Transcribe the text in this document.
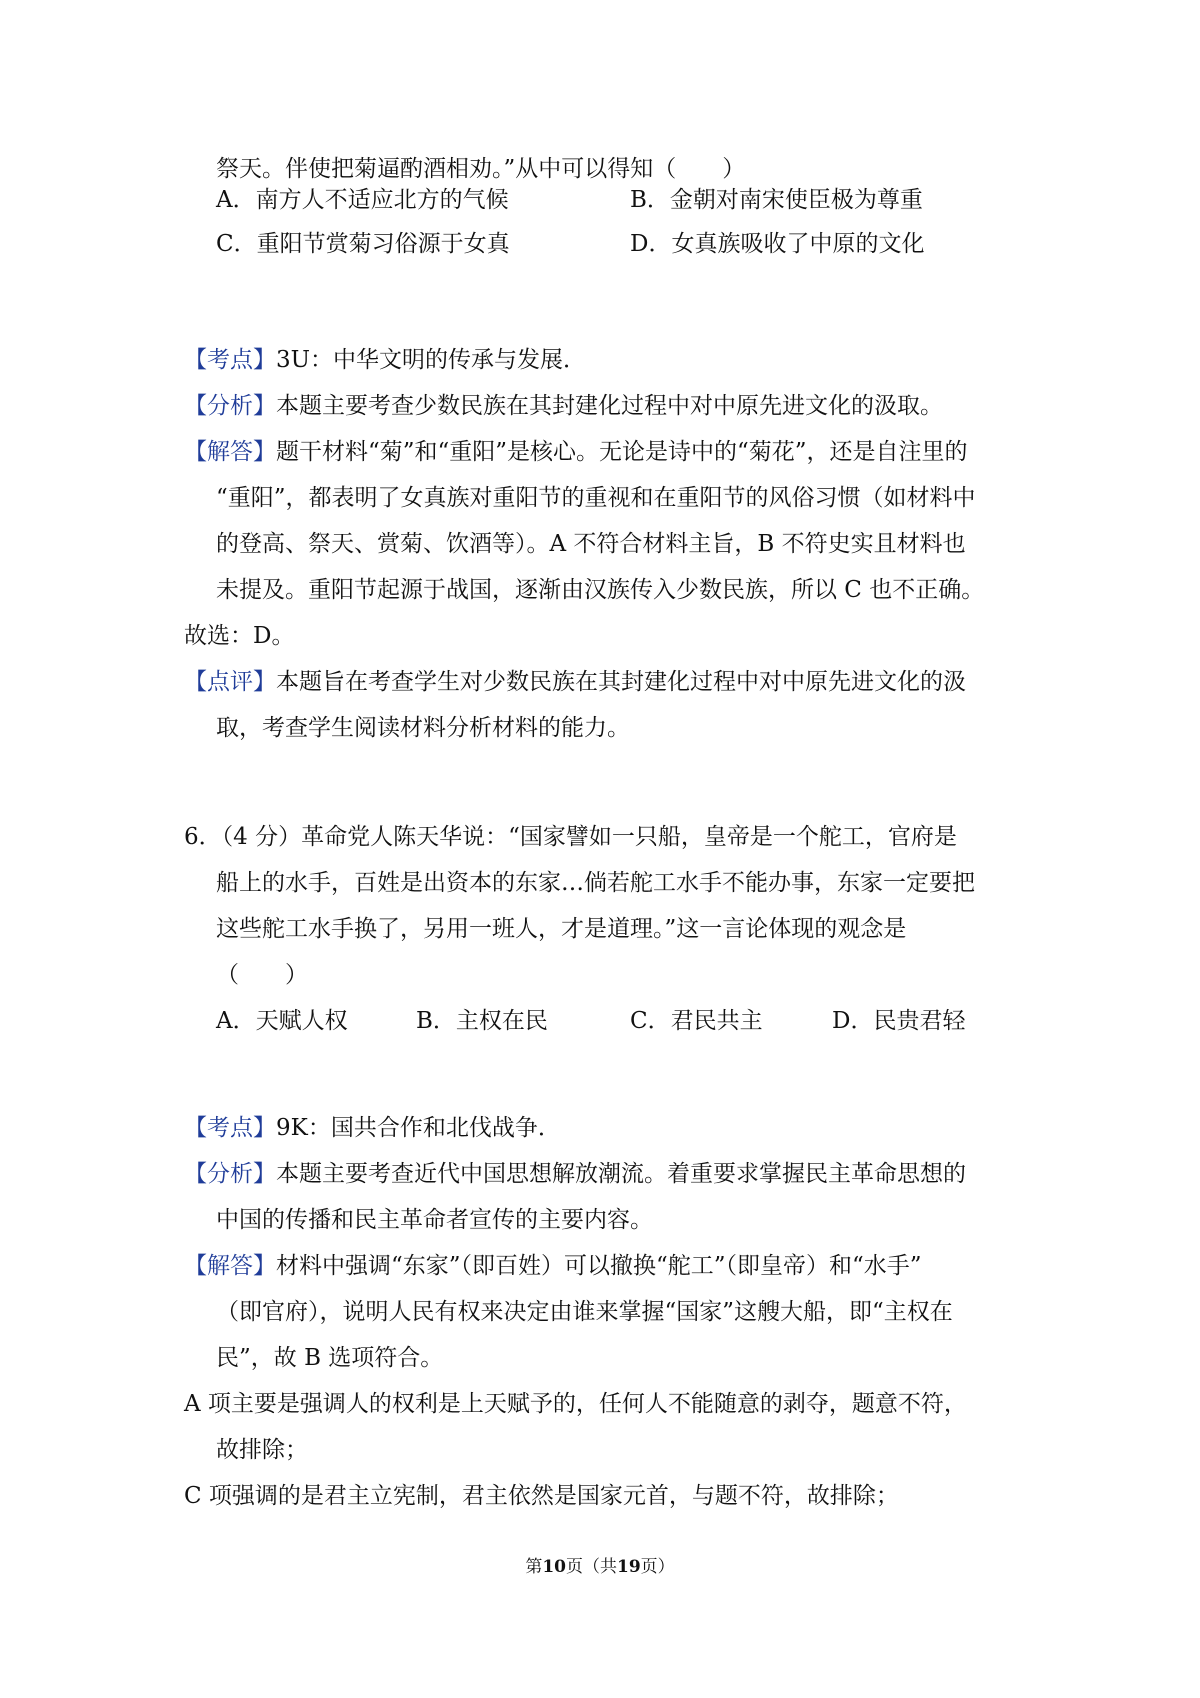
祭天。伴使把菊逼酌酒相劝。”从中可以得知（　　）
A．南方人不适应北方的气候	B．金朝对南宋使臣极为尊重
C．重阳节赏菊习俗源于女真	D．女真族吸收了中原的文化
【考点】3U：中华文明的传承与发展．
【分析】本题主要考查少数民族在其封建化过程中对中原先进文化的汲取。
【解答】题干材料“菊”和“重阳”是核心。无论是诗中的“菊花”，还是自注里的
“重阳”，都表明了女真族对重阳节的重视和在重阳节的风俗习惯（如材料中
的登高、祭天、赏菊、饮酒等）。A 不符合材料主旨，B 不符史实且材料也
未提及。重阳节起源于战国，逐渐由汉族传入少数民族，所以 C 也不正确。
故选：D。
【点评】本题旨在考查学生对少数民族在其封建化过程中对中原先进文化的汲
取，考查学生阅读材料分析材料的能力。
6．（4 分）革命党人陈天华说：“国家譬如一只船，皇帝是一个舵工，官府是
船上的水手，百姓是出资本的东家…倘若舵工水手不能办事，东家一定要把
这些舵工水手换了，另用一班人，才是道理。”这一言论体现的观念是
（　　）
A．天赋人权	B．主权在民	C．君民共主	D．民贵君轻
【考点】9K：国共合作和北伐战争．
【分析】本题主要考查近代中国思想解放潮流。着重要求掌握民主革命思想的
中国的传播和民主革命者宣传的主要内容。
【解答】材料中强调“东家”（即百姓）可以撤换“舵工”（即皇帝）和“水手”
（即官府），说明人民有权来决定由谁来掌握“国家”这艘大船，即“主权在
民”，故 B 选项符合。
A 项主要是强调人的权利是上天赋予的，任何人不能随意的剥夺，题意不符，
故排除；
C 项强调的是君主立宪制，君主依然是国家元首，与题不符，故排除；
第10页（共19页）
